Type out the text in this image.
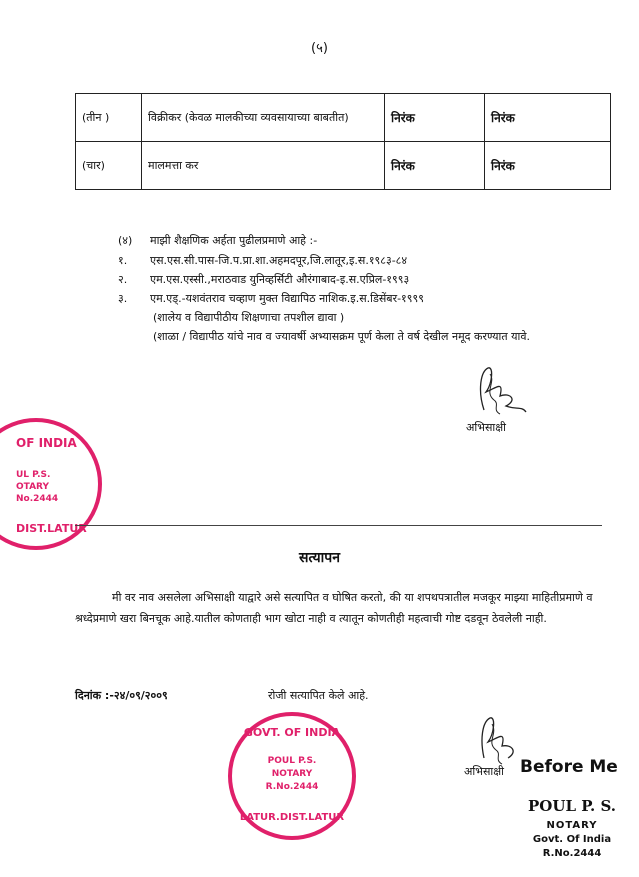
(५)
(तीन )	विक्रीकर (केवळ मालकीच्या व्यवसायाच्या बाबतीत)	निरंक	निरंक
(चार)	मालमत्ता कर	निरंक	निरंक
(४) माझी शैक्षणिक अर्हता पुढीलप्रमाणे आहे :-
१. एस.एस.सी.पास-जि.प.प्रा.शा.अहमदपूर,जि.लातूर,इ.स.१९८३-८४
२. एम.एस.एस्सी.,मराठवाड युनिव्हर्सिटी औरंगाबाद-इ.स.एप्रिल-१९९३
३. एम.एड्.-यशवंतराव चव्हाण मुक्त विद्यापिठ नाशिक.इ.स.डिसेंबर-१९९९
(शालेय व विद्यापीठीय शिक्षणाचा तपशील द्यावा )
(शाळा / विद्यापीठ यांचे नाव व ज्यावर्षी अभ्यासक्रम पूर्ण केला ते वर्ष देखील नमूद करण्यात यावे.
अभिसाक्षी
OF INDIA
UL P.S.
OTARY
No.2444
DIST.LATUR
सत्यापन
मी वर नाव असलेला अभिसाक्षी याद्वारे असे सत्यापित व घोषित करतो, की या शपथपत्रातील मजकूर माझ्या माहितीप्रमाणे व श्रध्देप्रमाणे खरा बिनचूक आहे.यातील कोणताही भाग खोटा नाही व त्यातून कोणतीही महत्वाची गोष्ट दडवून ठेवलेली नाही.
दिनांक :-२४/०९/२००९	रोजी सत्यापित केले आहे.
GOVT. OF INDIA
POUL P.S.
NOTARY
R.No.2444
LATUR.DIST.LATUR
अभिसाक्षी Before Me
POUL P. S.
NOTARY
Govt. Of India
R.No.2444
